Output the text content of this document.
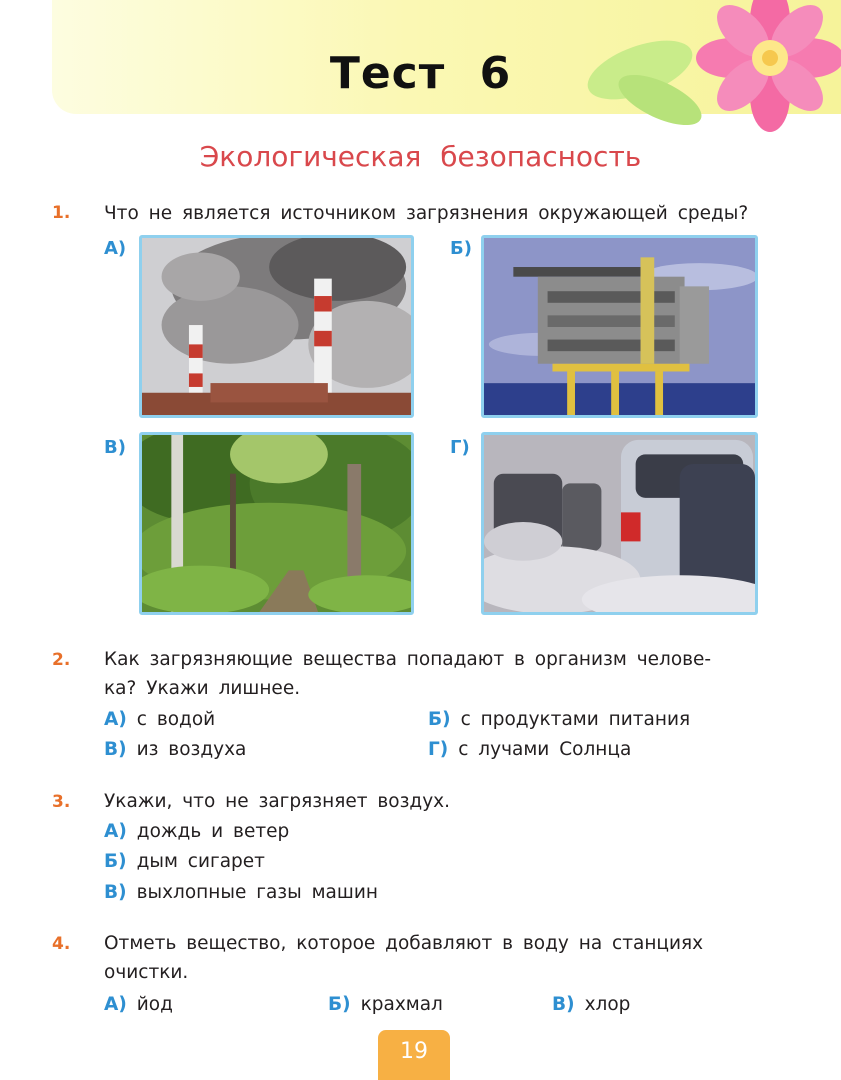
Тест 6
Экологическая безопасность
1. Что не является источником загрязнения окружающей среды?
А)	Б)
В)	Г)
2. Как загрязняющие вещества попадают в организм челове-
ка? Укажи лишнее.
А) с водой	Б) с продуктами питания
В) из воздуха	Г) с лучами Солнца
3. Укажи, что не загрязняет воздух.
А) дождь и ветер
Б) дым сигарет
В) выхлопные газы машин
4. Отметь вещество, которое добавляют в воду на станциях
очистки.
А) йод	Б) крахмал	В) хлор
19
